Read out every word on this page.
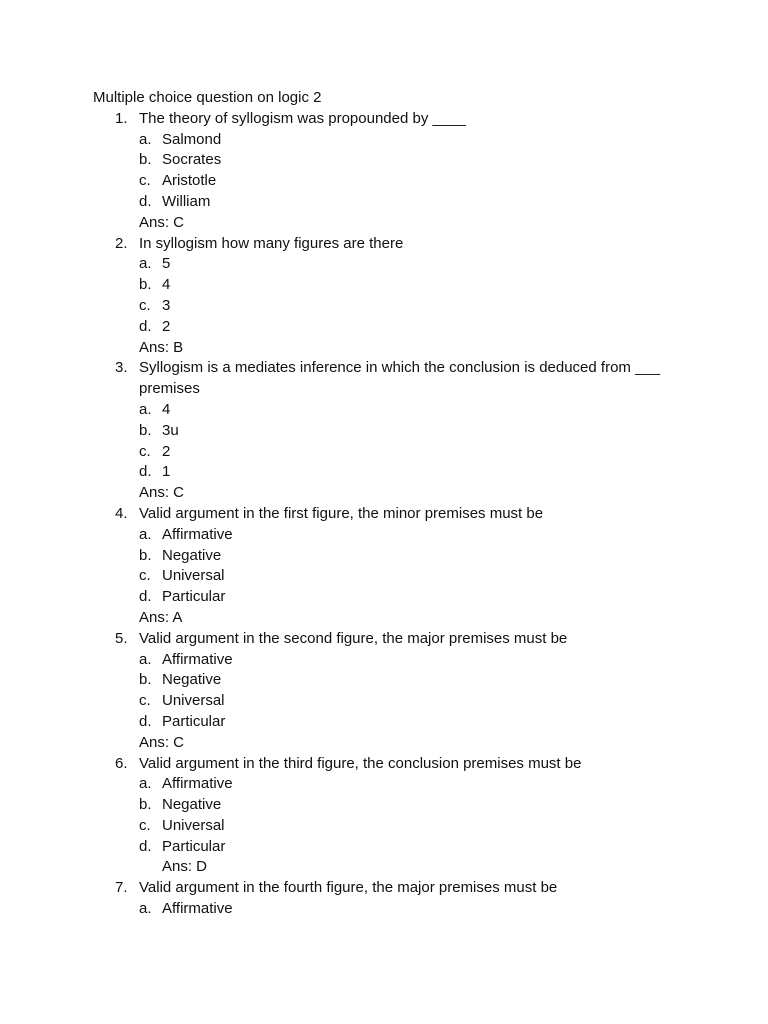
Multiple choice question on logic 2
1. The theory of syllogism was propounded by ____
a. Salmond
b. Socrates
c. Aristotle
d. William
Ans: C
2. In syllogism how many figures are there
a. 5
b. 4
c. 3
d. 2
Ans: B
3. Syllogism is a mediates inference in which the conclusion is deduced from ___ premises
a. 4
b. 3u
c. 2
d. 1
Ans: C
4. Valid argument in the first figure, the minor premises must be
a. Affirmative
b. Negative
c. Universal
d. Particular
Ans: A
5. Valid argument in the second figure, the major premises must be
a. Affirmative
b. Negative
c. Universal
d. Particular
Ans: C
6. Valid argument in the third figure, the conclusion premises must be
a. Affirmative
b. Negative
c. Universal
d. Particular
Ans: D
7. Valid argument in the fourth figure, the major premises must be
a. Affirmative
